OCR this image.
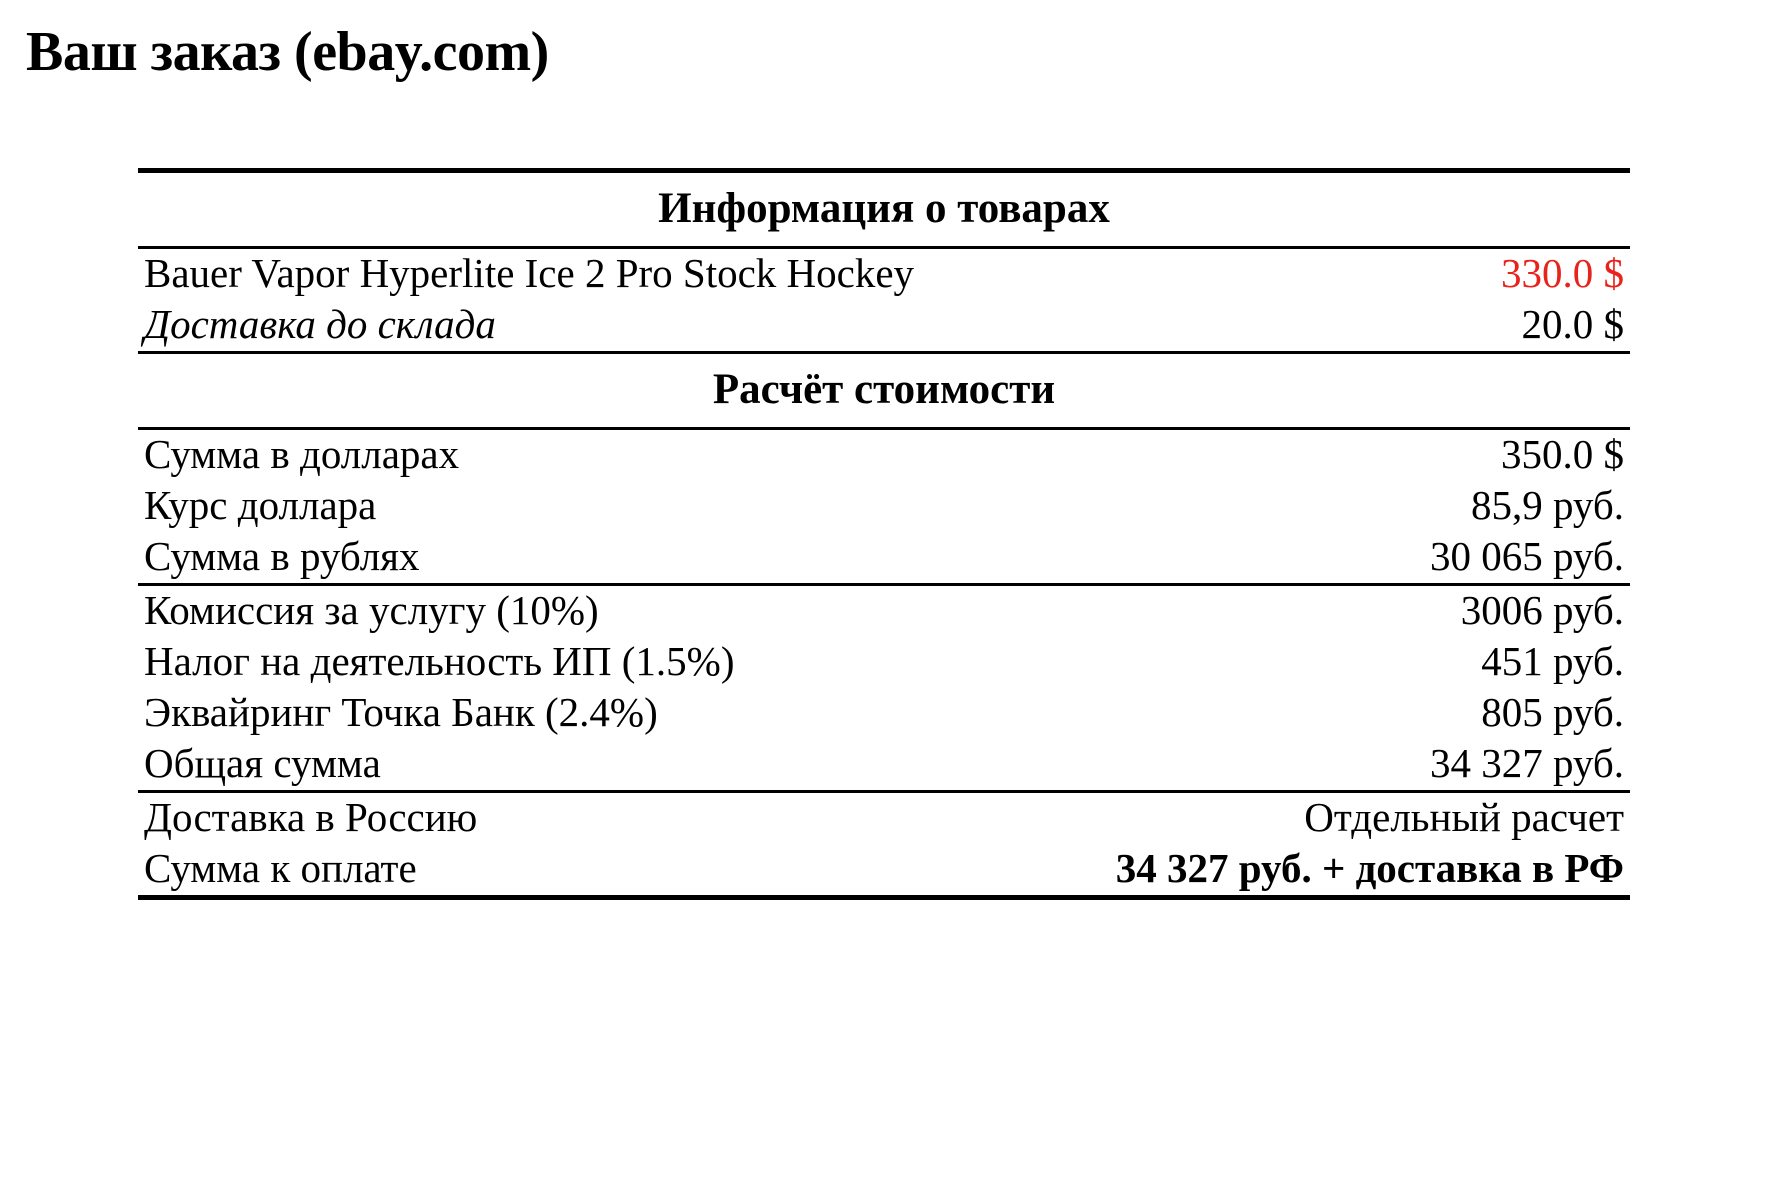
Ваш заказ (ebay.com)
Информация о товарах	
Bauer Vapor Hyperlite Ice 2 Pro Stock Hockey	330.0 $
Доставка до склада	20.0 $
Расчёт стоимости	
Сумма в долларах	350.0 $
Курс доллара	85,9 руб.
Сумма в рублях	30 065 руб.
Комиссия за услугу (10%)	3006 руб.
Налог на деятельность ИП (1.5%)	451 руб.
Эквайринг Точка Банк (2.4%)	805 руб.
Общая сумма	34 327 руб.
Доставка в Россию	Отдельный расчет
Сумма к оплате	34 327 руб. + доставка в РФ
